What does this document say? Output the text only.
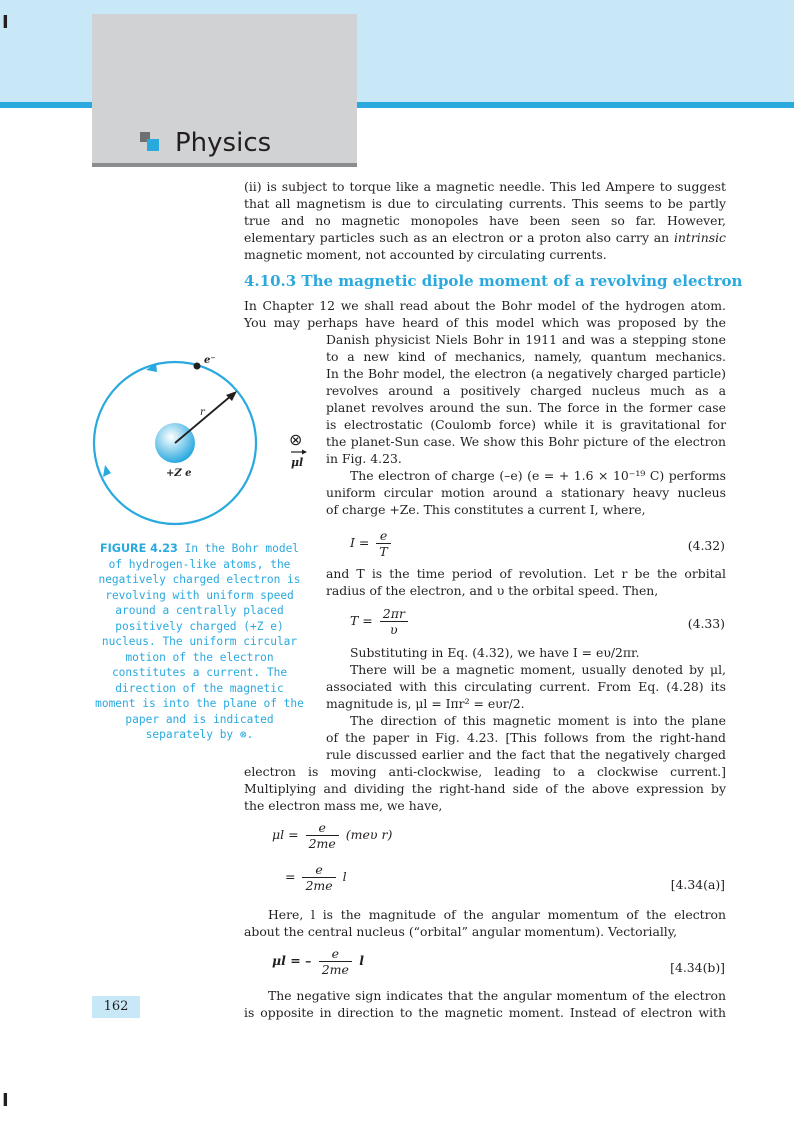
Physics
I
I

(ii) is subject to torque like a magnetic needle. This led Ampere to suggest

that all magnetism is due to circulating currents. This seems to be partly

true and no magnetic monopoles have been seen so far. However,

elementary particles such as an electron or a proton also carry an intrinsic

magnetic moment, not accounted by circulating currents.

4.10.3 The magnetic dipole moment of a revolving electron

In Chapter 12 we shall read about the Bohr model of the hydrogen atom.

You may perhaps have heard of this model which was proposed by the

Danish physicist Niels Bohr in 1911 and was a stepping stone

to a new kind of mechanics, namely, quantum mechanics.

In the Bohr model, the electron (a negatively charged particle)

revolves around a positively charged nucleus much as a

planet revolves around the sun. The force in the former case

is electrostatic (Coulomb force) while it is gravitational for

the planet-Sun case. We show this Bohr picture of the electron

in Fig. 4.23.

The electron of charge (–e) (e = + 1.6 × 10⁻¹⁹ C) performs

uniform circular motion around a stationary heavy nucleus

of charge +Ze. This constitutes a current I, where,

$I = \frac{e}{T}$	(4.32)

and T is the time period of revolution. Let r be the orbital

radius of the electron, and υ the orbital speed. Then,

$T = \frac{2\pi r}{\upsilon}$	(4.33)

Substituting in Eq. (4.32), we have I = eυ/2πr.

There will be a magnetic moment, usually denoted by μl,

associated with this circulating current. From Eq. (4.28) its

magnitude is, μl = Iπr² = eυr/2.

The direction of this magnetic moment is into the plane

of the paper in Fig. 4.23. [This follows from the right-hand

rule discussed earlier and the fact that the negatively charged

electron is moving anti-clockwise, leading to a clockwise current.]

Multiplying and dividing the right-hand side of the above expression by

the electron mass me, we have,

$\mu l = \frac{e}{2me} (me\upsilon$ r)
= $\frac{e}{2me}$ l
[4.34(a)]

Here, l is the magnitude of the angular momentum of the electron

about the central nucleus (“orbital” angular momentum). Vectorially,

μl = – $\frac{e}{2me}$ l	[4.34(b)]

The negative sign indicates that the angular momentum of the electron

is opposite in direction to the magnetic moment. Instead of electron with

e⁻
r
+Z e
⊗
μl

FIGURE 4.23 In the Bohr model of hydrogen-like atoms, the negatively charged electron is revolving with uniform speed around a centrally placed positively charged (+Z e) nucleus. The uniform circular motion of the electron constitutes a current. The direction of the magnetic moment is into the plane of the paper and is indicated separately by ⊗.

162
